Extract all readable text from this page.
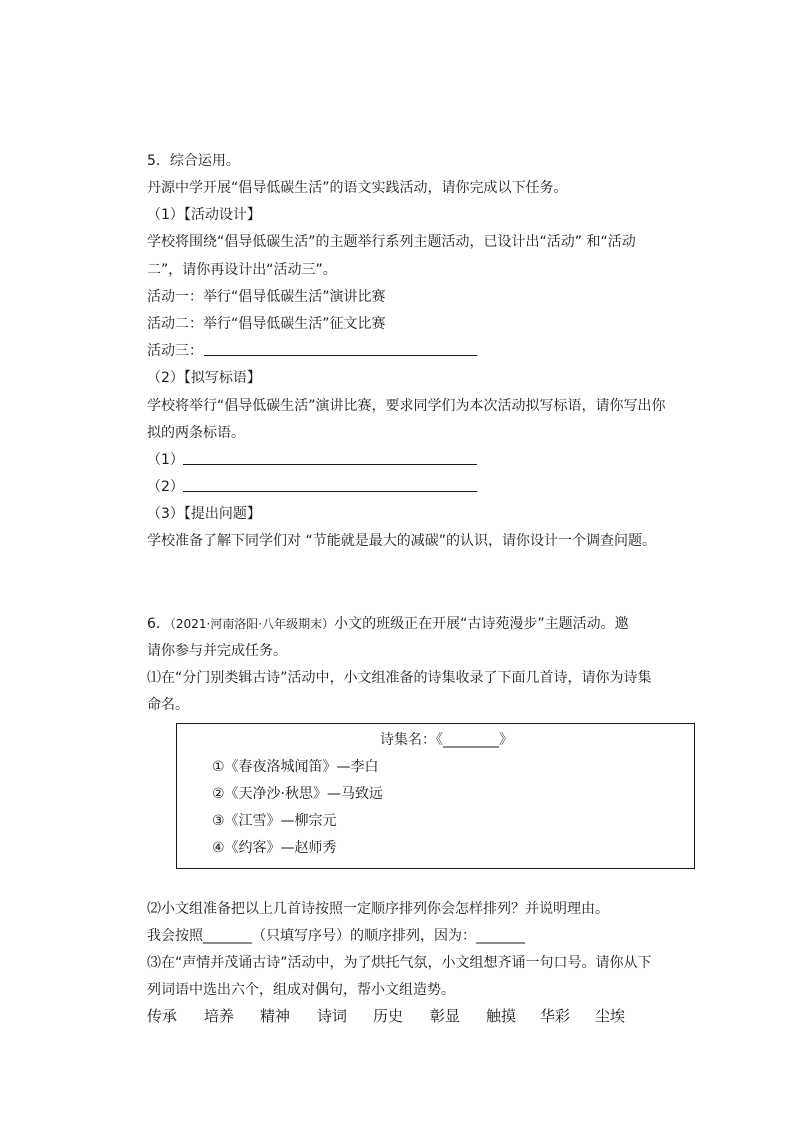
5．综合运用。
丹源中学开展“倡导低碳生活”的语文实践活动，请你完成以下任务。
（1）【活动设计】
学校将围绕“倡导低碳生活”的主题举行系列主题活动，已设计出“活动” 和“活动
二”，请你再设计出“活动三”。
活动一：举行“倡导低碳生活”演讲比赛
活动二：举行“倡导低碳生活”征文比赛
活动三：
（2）【拟写标语】
学校将举行“倡导低碳生活”演讲比赛，要求同学们为本次活动拟写标语，请你写出你
拟的两条标语。
（1）
（2）
（3）【提出问题】
学校准备了解下同学们对 “节能就是最大的减碳”的认识，请你设计一个调查问题。
6．（2021·河南洛阳·八年级期末）小文的班级正在开展“古诗苑漫步”主题活动。邀
请你参与并完成任务。
⑴在“分门别类辑古诗”活动中，小文组准备的诗集收录了下面几首诗，请你为诗集
命名。
诗集名：《________》
①《春夜洛城闻笛》—李白
②《天净沙·秋思》—马致远
③《江雪》—柳宗元
④《约客》—赵师秀
⑵小文组准备把以上几首诗按照一定顺序排列你会怎样排列？并说明理由。
我会按照_______（只填写序号）的顺序排列，因为：_______
⑶在“声情并茂诵古诗”活动中，为了烘托气氛，小文组想齐诵一句口号。请你从下
列词语中选出六个，组成对偶句，帮小文组造势。
传承 培养 精神 诗词 历史 彰显 触摸 华彩 尘埃
